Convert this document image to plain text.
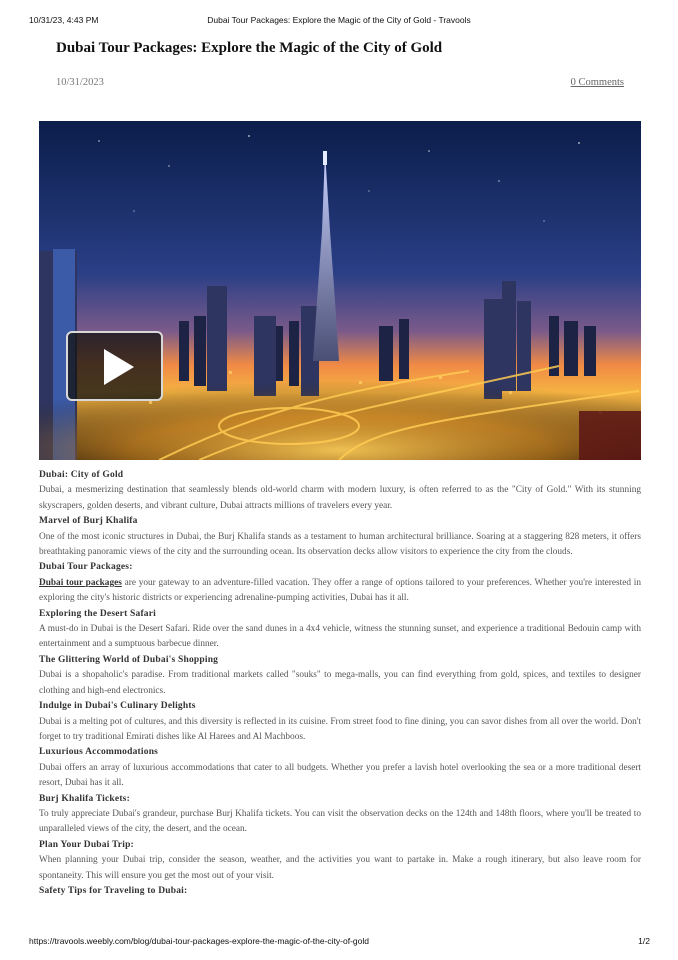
10/31/23, 4:43 PM	Dubai Tour Packages: Explore the Magic of the City of Gold - Travools
Dubai Tour Packages: Explore the Magic of the City of Gold
10/31/2023	0 Comments
Dubai: City of Gold

Dubai, a mesmerizing destination that seamlessly blends old-world charm with modern luxury, is often referred to as the "City of Gold." With its stunning skyscrapers, golden deserts, and vibrant culture, Dubai attracts millions of travelers every year.

Marvel of Burj Khalifa

One of the most iconic structures in Dubai, the Burj Khalifa stands as a testament to human architectural brilliance. Soaring at a staggering 828 meters, it offers breathtaking panoramic views of the city and the surrounding ocean. Its observation decks allow visitors to experience the city from the clouds.

Dubai Tour Packages:

Dubai tour packages are your gateway to an adventure-filled vacation. They offer a range of options tailored to your preferences. Whether you're interested in exploring the city's historic districts or experiencing adrenaline-pumping activities, Dubai has it all.

Exploring the Desert Safari

A must-do in Dubai is the Desert Safari. Ride over the sand dunes in a 4x4 vehicle, witness the stunning sunset, and experience a traditional Bedouin camp with entertainment and a sumptuous barbecue dinner.

The Glittering World of Dubai's Shopping

Dubai is a shopaholic's paradise. From traditional markets called "souks" to mega-malls, you can find everything from gold, spices, and textiles to designer clothing and high-end electronics.

Indulge in Dubai's Culinary Delights

Dubai is a melting pot of cultures, and this diversity is reflected in its cuisine. From street food to fine dining, you can savor dishes from all over the world. Don't forget to try traditional Emirati dishes like Al Harees and Al Machboos.

Luxurious Accommodations

Dubai offers an array of luxurious accommodations that cater to all budgets. Whether you prefer a lavish hotel overlooking the sea or a more traditional desert resort, Dubai has it all.

Burj Khalifa Tickets:

To truly appreciate Dubai's grandeur, purchase Burj Khalifa tickets. You can visit the observation decks on the 124th and 148th floors, where you'll be treated to unparalleled views of the city, the desert, and the ocean.

Plan Your Dubai Trip:

When planning your Dubai trip, consider the season, weather, and the activities you want to partake in. Make a rough itinerary, but also leave room for spontaneity. This will ensure you get the most out of your visit.

Safety Tips for Traveling to Dubai:
https://travools.weebly.com/blog/dubai-tour-packages-explore-the-magic-of-the-city-of-gold	1/2
